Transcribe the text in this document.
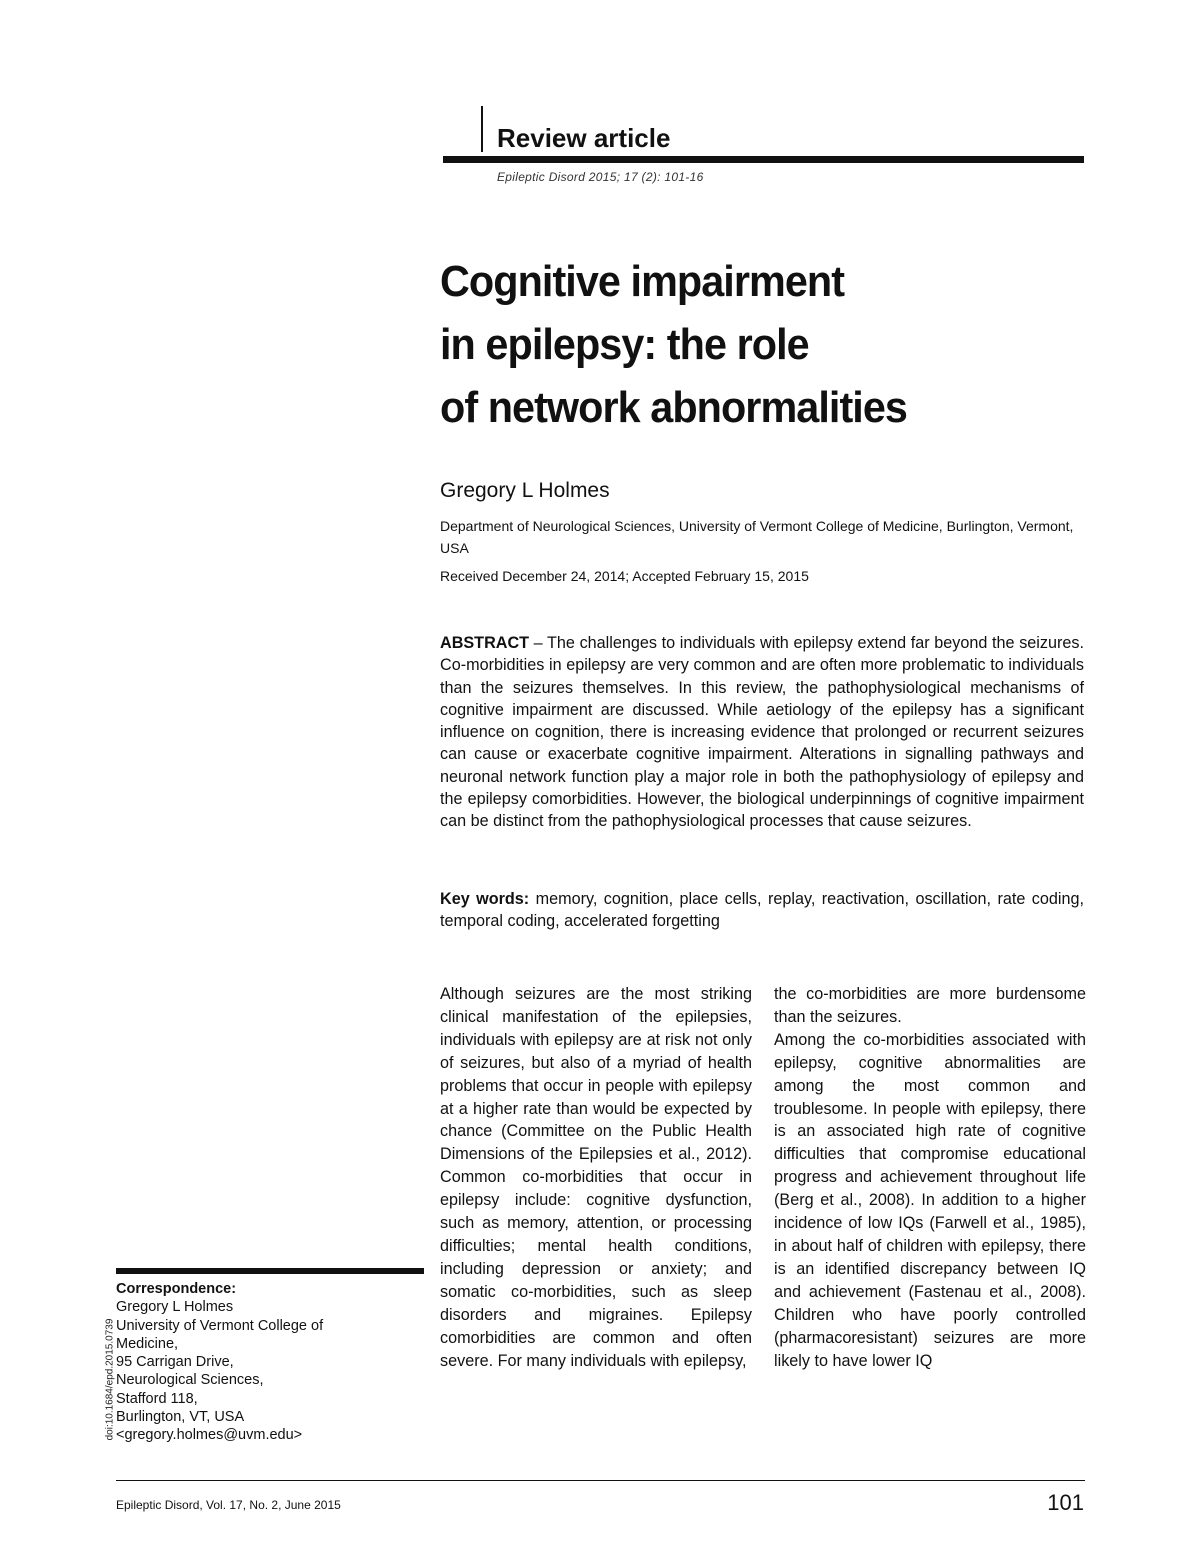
Review article
Epileptic Disord 2015; 17 (2): 101-16
Cognitive impairment
in epilepsy: the role
of network abnormalities
Gregory L Holmes
Department of Neurological Sciences, University of Vermont College of Medicine, Burlington, Vermont, USA
Received December 24, 2014; Accepted February 15, 2015

ABSTRACT – The challenges to individuals with epilepsy extend far beyond the seizures. Co-morbidities in epilepsy are very common and are often more problematic to individuals than the seizures themselves. In this review, the pathophysiological mechanisms of cognitive impairment are discussed. While aetiology of the epilepsy has a significant influence on cognition, there is increasing evidence that prolonged or recurrent seizures can cause or exacerbate cognitive impairment. Alterations in signalling pathways and neuronal network function play a major role in both the pathophysiology of epilepsy and the epilepsy comorbidities. However, the biological underpinnings of cognitive impairment can be distinct from the pathophysiological processes that cause seizures.

Key words: memory, cognition, place cells, replay, reactivation, oscillation, rate coding, temporal coding, accelerated forgetting

Although seizures are the most striking clinical manifestation of the epilepsies, individuals with epilepsy are at risk not only of seizures, but also of a myriad of health problems that occur in people with epilepsy at a higher rate than would be expected by chance (Committee on the Public Health Dimensions of the Epilepsies et al., 2012). Common co-morbidities that occur in epilepsy include: cognitive dysfunction, such as memory, attention, or processing difficulties; mental health conditions, including depression or anxiety; and somatic co-morbidities, such as sleep disorders and migraines. Epilepsy comorbidities are common and often severe. For many individuals with epilepsy,

the co-morbidities are more burdensome than the seizures.

Among the co-morbidities associated with epilepsy, cognitive abnormalities are among the most common and troublesome. In people with epilepsy, there is an associated high rate of cognitive difficulties that compromise educational progress and achievement throughout life (Berg et al., 2008). In addition to a higher incidence of low IQs (Farwell et al., 1985), in about half of children with epilepsy, there is an identified discrepancy between IQ and achievement (Fastenau et al., 2008). Children who have poorly controlled (pharmacoresistant) seizures are more likely to have lower IQ

Correspondence:
Gregory L Holmes
University of Vermont College of
Medicine,
95 Carrigan Drive,
Neurological Sciences,
Stafford 118,
Burlington, VT, USA
<gregory.holmes@uvm.edu>
doi:10.1684/epd.2015.0739
Epileptic Disord, Vol. 17, No. 2, June 2015	101
